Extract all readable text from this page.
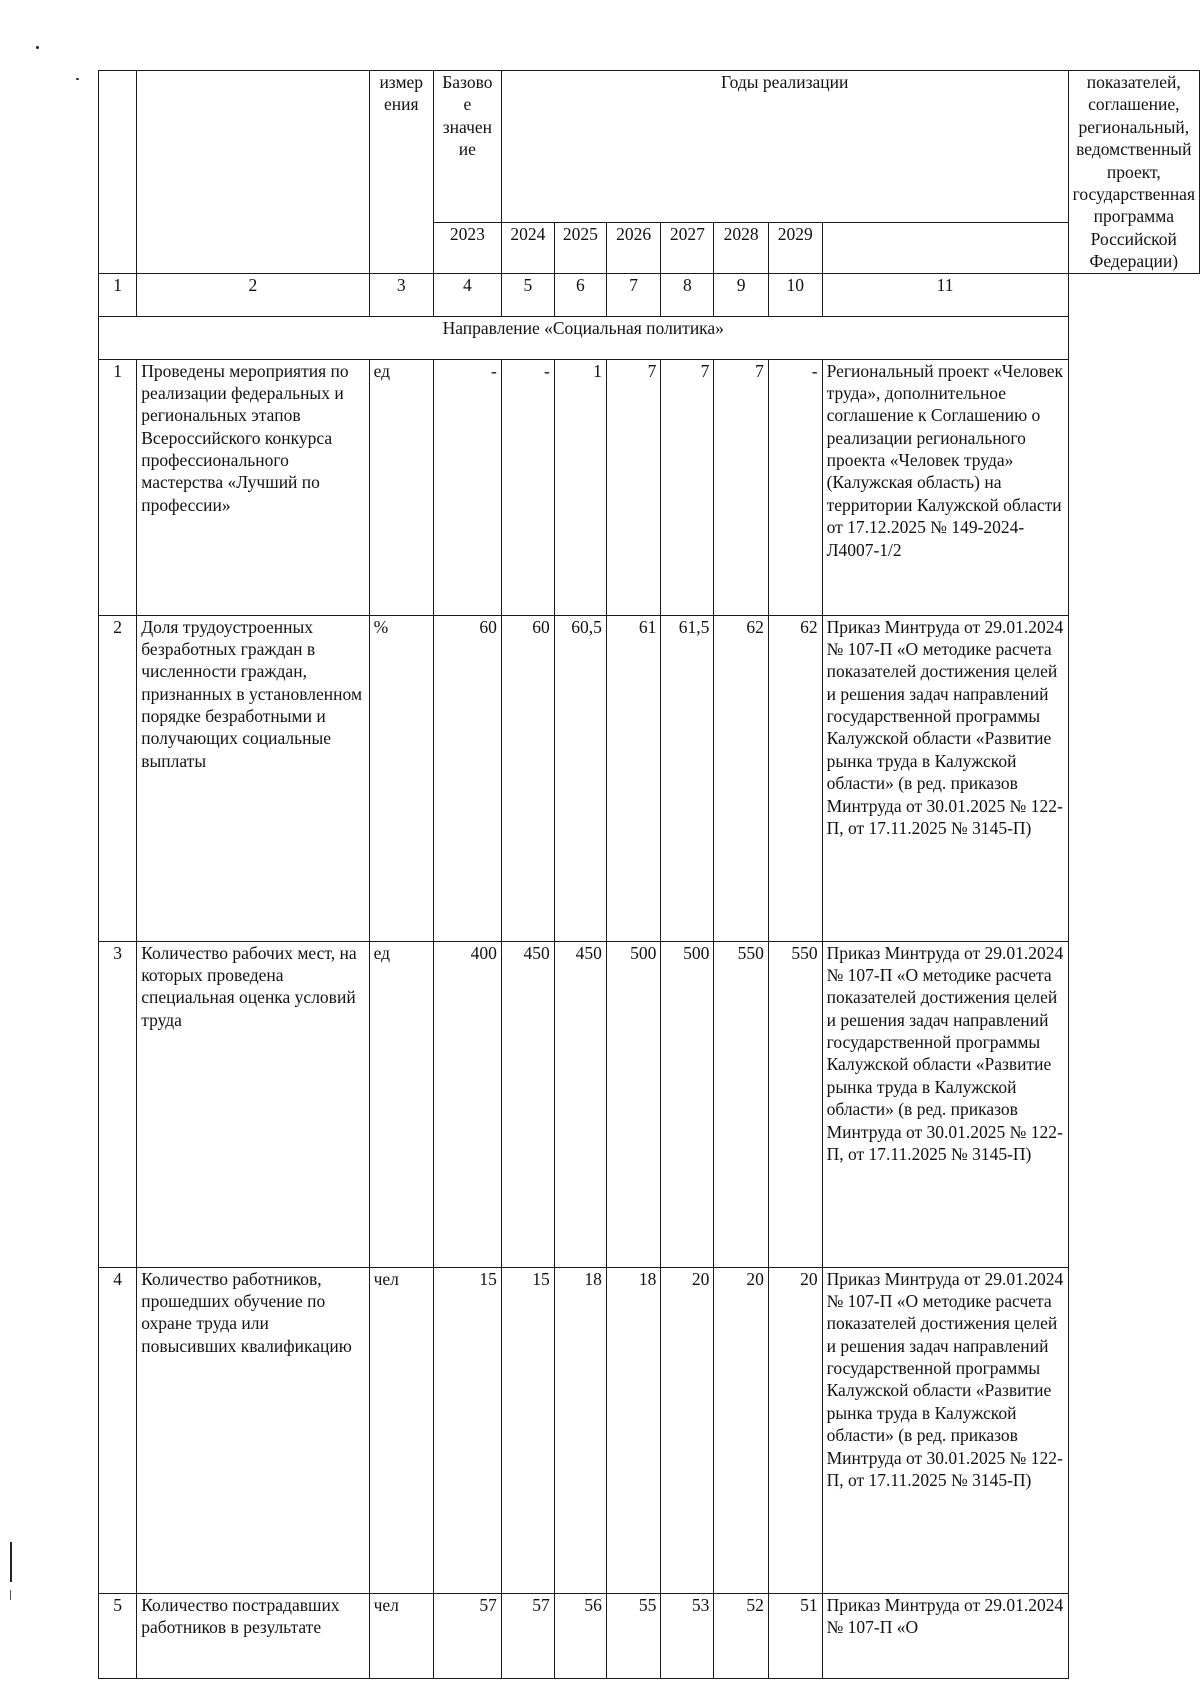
		измер ения	Базово е значен ие	Годы реализации							показателей, соглашение, региональный, ведомственный проект, государственная программа Российской Федерации)
			2023	2024	2025	2026	2027	2028	2029		
1	2	3	4	5	6	7	8	9	10	11	
Направление «Социальная политика»											
1	Проведены мероприятия по реализации федеральных и региональных этапов Всероссийского конкурса профессионального мастерства «Лучший по профессии»	ед	-	-	1	7	7	7	-	Региональный проект «Человек труда», дополнительное соглашение к Соглашению о реализации регионального проекта «Человек труда» (Калужская область) на территории Калужской области от 17.12.2025 № 149-2024-Л4007-1/2	
2	Доля трудоустроенных безработных граждан в численности граждан, признанных в установленном порядке безработными и получающих социальные выплаты	%	60	60	60,5	61	61,5	62	62	Приказ Минтруда от 29.01.2024 № 107-П «О методике расчета показателей достижения целей и решения задач направлений государственной программы Калужской области «Развитие рынка труда в Калужской области» (в ред. приказов Минтруда от 30.01.2025 № 122-П, от 17.11.2025 № 3145-П)	
3	Количество рабочих мест, на которых проведена специальная оценка условий труда	ед	400	450	450	500	500	550	550	Приказ Минтруда от 29.01.2024 № 107-П «О методике расчета показателей достижения целей и решения задач направлений государственной программы Калужской области «Развитие рынка труда в Калужской области» (в ред. приказов Минтруда от 30.01.2025 № 122-П, от 17.11.2025 № 3145-П)	
4	Количество работников, прошедших обучение по охране труда или повысивших квалификацию	чел	15	15	18	18	20	20	20	Приказ Минтруда от 29.01.2024 № 107-П «О методике расчета показателей достижения целей и решения задач направлений государственной программы Калужской области «Развитие рынка труда в Калужской области» (в ред. приказов Минтруда от 30.01.2025 № 122-П, от 17.11.2025 № 3145-П)	
5	Количество пострадавших работников в результате	чел	57	57	56	55	53	52	51	Приказ Минтруда от 29.01.2024 № 107-П «О	
